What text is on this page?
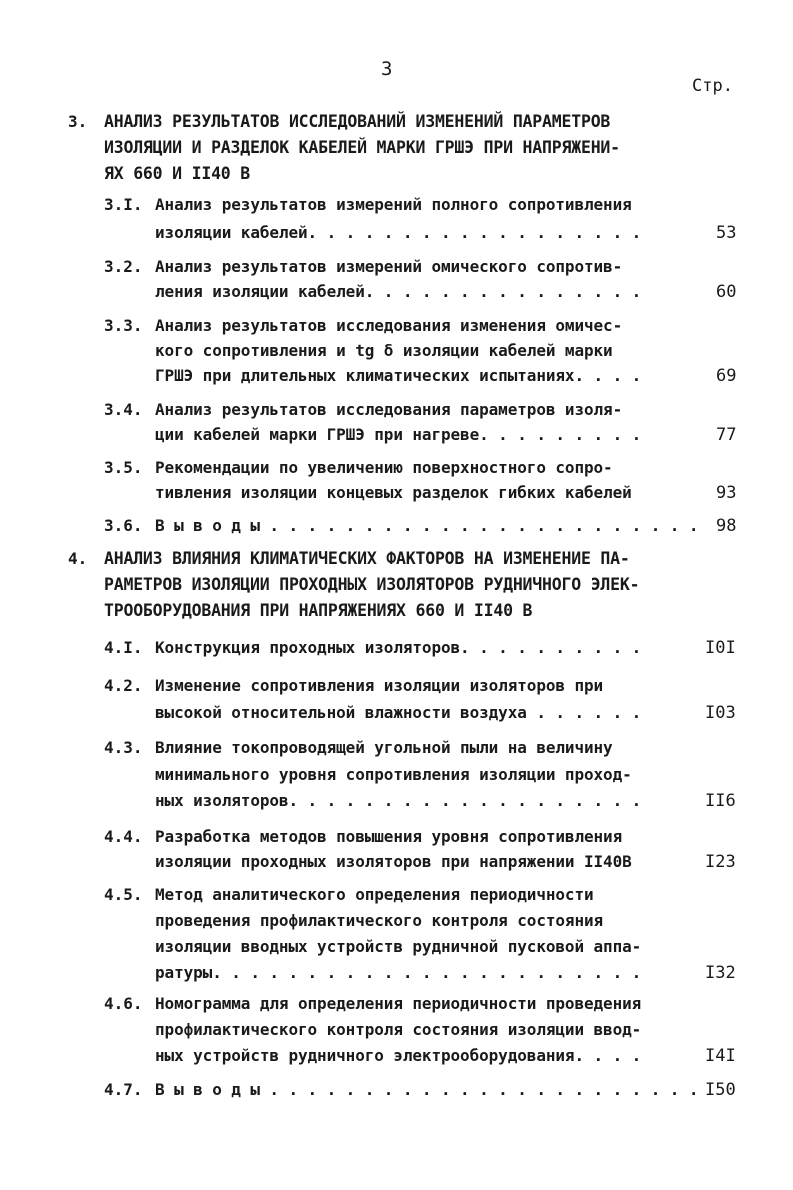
3
Стр.
3. АНАЛИЗ РЕЗУЛЬТАТОВ ИССЛЕДОВАНИЙ ИЗМЕНЕНИЙ ПАРАМЕТРОВ
ИЗОЛЯЦИИ И РАЗДЕЛОК КАБЕЛЕЙ МАРКИ ГРШЭ ПРИ НАПРЯЖЕНИ-
ЯХ 660 И II40 В
3.I. Анализ результатов измерений полного сопротивления
изоляции кабелей. . . . . . . . . . . . . . . . . .	53
3.2. Анализ результатов измерений омического сопротив-
ления изоляции кабелей. . . . . . . . . . . . . . .	60
3.3. Анализ результатов исследования изменения омичес-
кого сопротивления и tg δ изоляции кабелей марки
ГРШЭ при длительных климатических испытаниях. . . .	69
3.4. Анализ результатов исследования параметров изоля-
ции кабелей марки ГРШЭ при нагреве. . . . . . . . .	77
3.5. Рекомендации по увеличению поверхностного сопро-
тивления изоляции концевых разделок гибких кабелей	93
3.6. В ы в о д ы . . . . . . . . . . . . . . . . . . . . . . . 98
4. АНАЛИЗ ВЛИЯНИЯ КЛИМАТИЧЕСКИХ ФАКТОРОВ НА ИЗМЕНЕНИЕ ПА-
РАМЕТРОВ ИЗОЛЯЦИИ ПРОХОДНЫХ ИЗОЛЯТОРОВ РУДНИЧНОГО ЭЛЕК-
ТРООБОРУДОВАНИЯ ПРИ НАПРЯЖЕНИЯХ 660 И II40 В
4.I. Конструкция проходных изоляторов. . . . . . . . . .	I0I
4.2. Изменение сопротивления изоляции изоляторов при
высокой относительной влажности воздуха . . . . . .	I03
4.3. Влияние токопроводящей угольной пыли на величину
минимального уровня сопротивления изоляции проход-
ных изоляторов. . . . . . . . . . . . . . . . . . .	II6
4.4. Разработка методов повышения уровня сопротивления
изоляции проходных изоляторов при напряжении II40В	I23
4.5. Метод аналитического определения периодичности
проведения профилактического контроля состояния
изоляции вводных устройств рудничной пусковой аппа-
ратуры. . . . . . . . . . . . . . . . . . . . . . .	I32
4.6. Номограмма для определения периодичности проведения
профилактического контроля состояния изоляции ввод-
ных устройств рудничного электрооборудования. . . .	I4I
4.7. В ы в о д ы . . . . . . . . . . . . . . . . . . . . . . . I50
